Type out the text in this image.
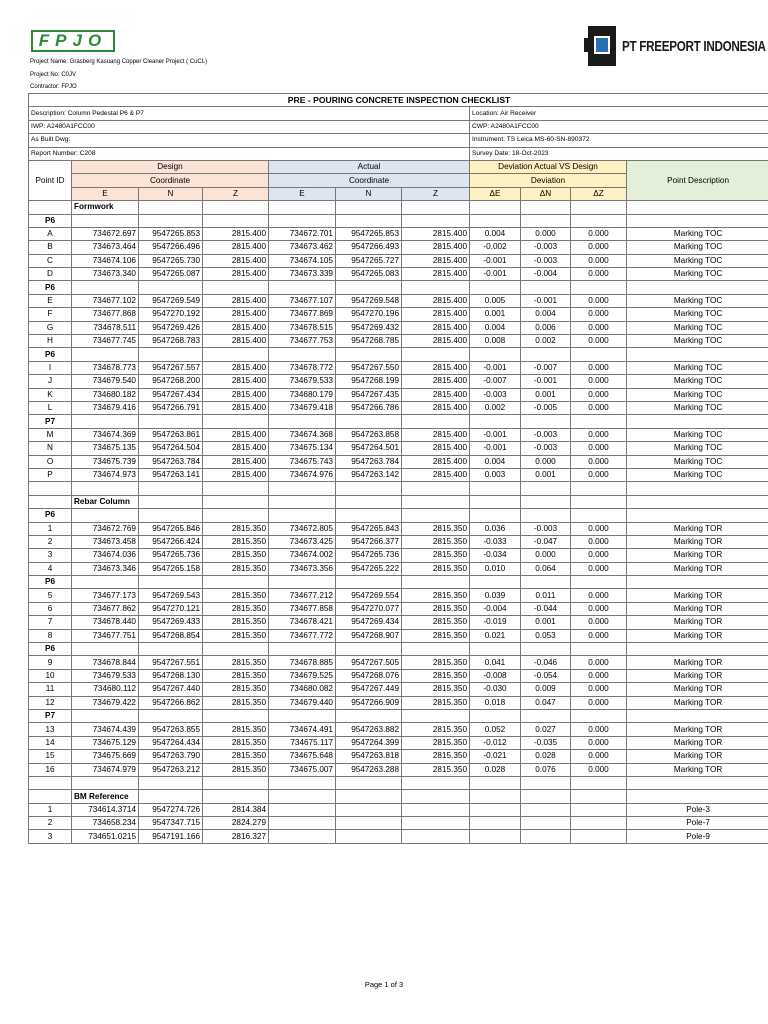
FPJO
Project Name: Grasberg Kasuang Copper Cleaner Project ( CuCL)
Project No: C0JV
Contractor: FPJO
PT FREEPORT INDONESIA
PRE - POURING CONCRETE INSPECTION CHECKLIST										
Description: Column Pedestal P6 & P7							Location: Air Receiver			
IWP: A2480A1FCC00							CWP: A2480A1FCC00			
As Built Dwg:							Instrument: TS Leica MS-60-SN-890372			
Report Number: C208							Survey Date: 18-Oct-2023			
Point ID	Design			Actual			Deviation Actual VS Design			Point Description
	Coordinate			Coordinate			Deviation			
	E	N	Z	E	N	Z	ΔE	ΔN	ΔZ	
	Formwork									
P6										
A	734672.697	9547265.853	2815.400	734672.701	9547265.853	2815.400	0.004	0.000	0.000	Marking TOC
B	734673.464	9547266.496	2815.400	734673.462	9547266.493	2815.400	-0.002	-0.003	0.000	Marking TOC
C	734674.106	9547265.730	2815.400	734674.105	9547265.727	2815.400	-0.001	-0.003	0.000	Marking TOC
D	734673.340	9547265.087	2815.400	734673.339	9547265.083	2815.400	-0.001	-0.004	0.000	Marking TOC
P6										
E	734677.102	9547269.549	2815.400	734677.107	9547269.548	2815.400	0.005	-0.001	0.000	Marking TOC
F	734677.868	9547270.192	2815.400	734677.869	9547270.196	2815.400	0.001	0.004	0.000	Marking TOC
G	734678.511	9547269.426	2815.400	734678.515	9547269.432	2815.400	0.004	0.006	0.000	Marking TOC
H	734677.745	9547268.783	2815.400	734677.753	9547268.785	2815.400	0.008	0.002	0.000	Marking TOC
P6										
I	734678.773	9547267.557	2815.400	734678.772	9547267.550	2815.400	-0.001	-0.007	0.000	Marking TOC
J	734679.540	9547268.200	2815.400	734679.533	9547268.199	2815.400	-0.007	-0.001	0.000	Marking TOC
K	734680.182	9547267.434	2815.400	734680.179	9547267.435	2815.400	-0.003	0.001	0.000	Marking TOC
L	734679.416	9547266.791	2815.400	734679.418	9547266.786	2815.400	0.002	-0.005	0.000	Marking TOC
P7										
M	734674.369	9547263.861	2815.400	734674.368	9547263.858	2815.400	-0.001	-0.003	0.000	Marking TOC
N	734675.135	9547264.504	2815.400	734675.134	9547264.501	2815.400	-0.001	-0.003	0.000	Marking TOC
O	734675.739	9547263.784	2815.400	734675.743	9547263.784	2815.400	0.004	0.000	0.000	Marking TOC
P	734674.973	9547263.141	2815.400	734674.976	9547263.142	2815.400	0.003	0.001	0.000	Marking TOC

	Rebar Column									
P6										
1	734672.769	9547265.846	2815.350	734672.805	9547265.843	2815.350	0.036	-0.003	0.000	Marking TOR
2	734673.458	9547266.424	2815.350	734673.425	9547266.377	2815.350	-0.033	-0.047	0.000	Marking TOR
3	734674.036	9547265.736	2815.350	734674.002	9547265.736	2815.350	-0.034	0.000	0.000	Marking TOR
4	734673.346	9547265.158	2815.350	734673.356	9547265.222	2815.350	0.010	0.064	0.000	Marking TOR
P6										
5	734677.173	9547269.543	2815.350	734677.212	9547269.554	2815.350	0.039	0.011	0.000	Marking TOR
6	734677.862	9547270.121	2815.350	734677.858	9547270.077	2815.350	-0.004	-0.044	0.000	Marking TOR
7	734678.440	9547269.433	2815.350	734678.421	9547269.434	2815.350	-0.019	0.001	0.000	Marking TOR
8	734677.751	9547268.854	2815.350	734677.772	9547268.907	2815.350	0.021	0.053	0.000	Marking TOR
P6										
9	734678.844	9547267.551	2815.350	734678.885	9547267.505	2815.350	0.041	-0.046	0.000	Marking TOR
10	734679.533	9547268.130	2815.350	734679.525	9547268.076	2815.350	-0.008	-0.054	0.000	Marking TOR
11	734680.112	9547267.440	2815.350	734680.082	9547267.449	2815.350	-0.030	0.009	0.000	Marking TOR
12	734679.422	9547266.862	2815.350	734679.440	9547266.909	2815.350	0.018	0.047	0.000	Marking TOR
P7										
13	734674.439	9547263.855	2815.350	734674.491	9547263.882	2815.350	0.052	0.027	0.000	Marking TOR
14	734675.129	9547264.434	2815.350	734675.117	9547264.399	2815.350	-0.012	-0.035	0.000	Marking TOR
15	734675.669	9547263.790	2815.350	734675.648	9547263.818	2815.350	-0.021	0.028	0.000	Marking TOR
16	734674.979	9547263.212	2815.350	734675.007	9547263.288	2815.350	0.028	0.076	0.000	Marking TOR

	BM Reference									
1	734614.3714	9547274.726	2814.384							Pole-3
2	734658.234	9547347.715	2824.279							Pole-7
3	734651.0215	9547191.166	2816.327							Pole-9
Page 1 of 3
